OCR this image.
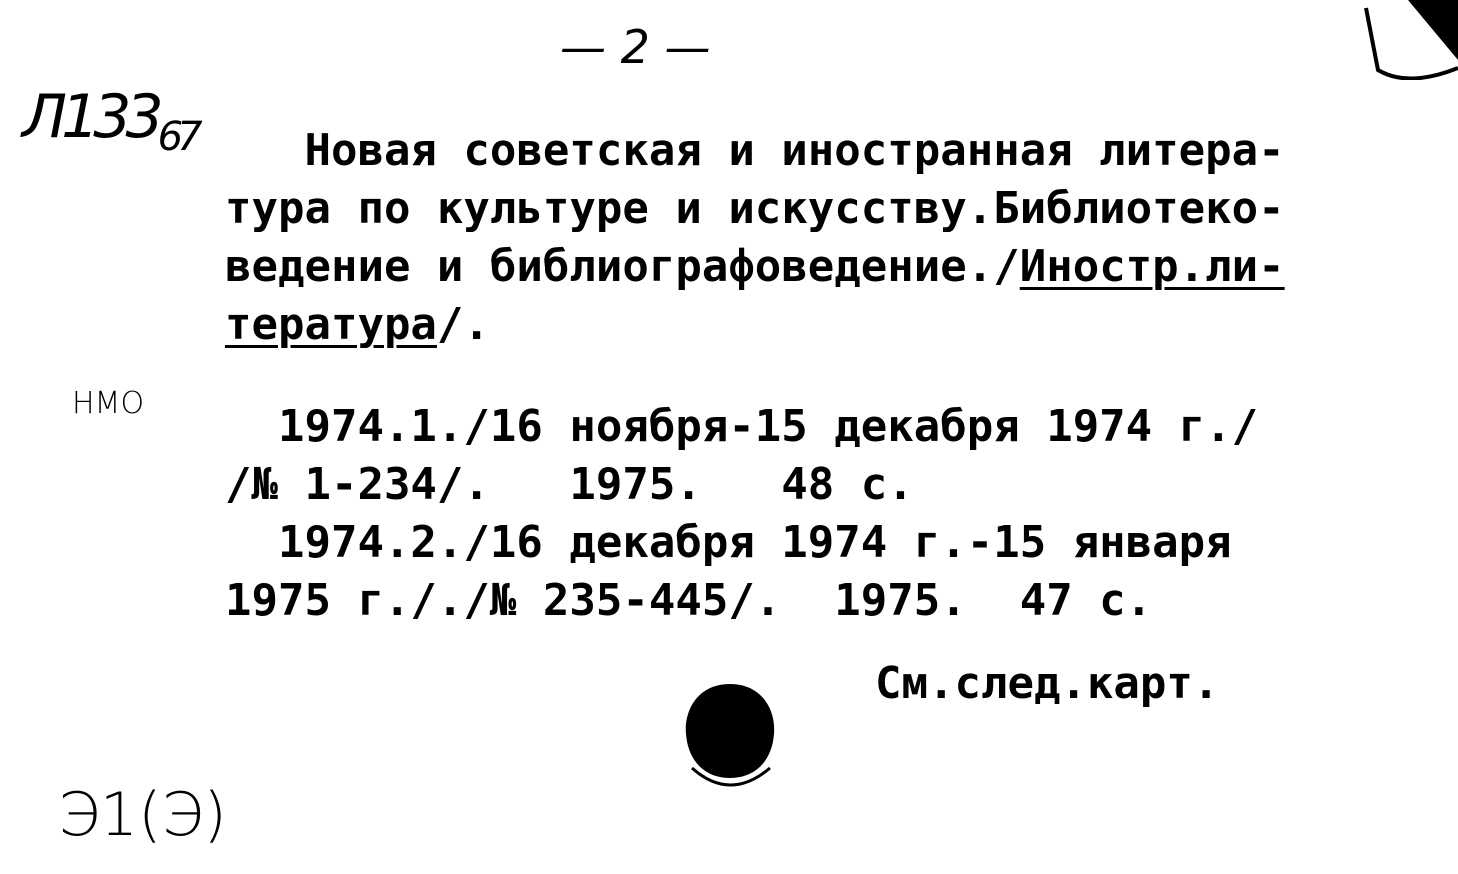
— 2 —
$Л133_{67}$
НМО
Новая советская и иностранная литера-
тура по культуре и искусству.Библиотеко-
ведение и библиографоведение./Иностр.ли-
тература/.
1974.1./16 ноября-15 декабря 1974 г./
/№ 1-234/.   1975.   48 с.
1974.2./16 декабря 1974 г.-15 января
1975 г././№ 235-445/.  1975.  47 с.
См.след.карт.
Э1(Э)
